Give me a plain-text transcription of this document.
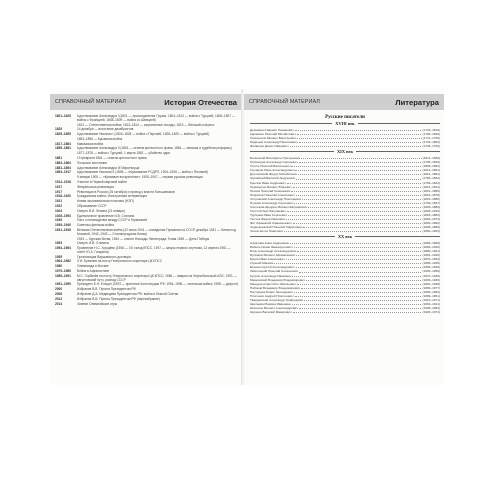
СПРАВОЧНЫЙ МАТЕРИАЛ	История Отечества
1801–1825	Царствование Александра I (1801 — присоединение Грузии, 1804–1813 — война с Турцией, 1805–1807 — войны с Францией, 1808–1809 — война со Швецией)
1812 — Отечественная война; 1813–1814 — заграничные походы; 1815 — Венский конгресс
1825	14 декабря — восстание декабристов
1825–1855	Царствование Николая I (1826–1828 — война с Персией, 1828–1829 — война с Турцией)
1853–1856 — Крымская война
1817–1864	Кавказская война
1855–1881	Царствование Александра II (1861 — отмена крепостного права, 1864 — земская и судебная реформы)
1877–1878 — война с Турцией, 1 марта 1881 — убийство царя
1861	19 февраля 1861 — отмена крепостного права
1863–1864	Польское восстание
1881–1894	Царствование Александра III Миротворца
1894–1917	Царствование Николая II (1898 — образование РСДРП, 1904–1905 — война с Японией)
9 января 1905 — «Кровавое воскресенье»; 1905–1907 — первая русская революция
1914–1918	Участие в Первой мировой войне
1917	Февральская революция
1917	Революция в России (25 октября) и приход к власти большевиков
1918–1920	Гражданская война. Иностранная интервенция
1921	Новая экономическая политика (НЭП)
1922	Образование СССР
1924	Смерть В.И. Ленина (21 января)
1928–1953	Единоличное правление И.В. Сталина
1939	Пакт о ненападении между СССР и Германией
1939–1940	Советско-финская война
1941–1945	Великая Отечественная война (22 июня 1941 — нападение Германии на СССР, декабрь 1941 — битва под Москвой, 1942–1943 — Сталинградская битва)
1943 — Курская битва; 1944 — снятие блокады Ленинграда; 9 мая 1945 — День Победы
1953	Смерть И.В. Сталина
1954–1964	Правление Н.С. Хрущёва (1956 — XX съезд КПСС, 1957 — запуск первого спутника, 12 апреля 1961 — полёт Ю.А. Гагарина)
1955	Организация Варшавского договора
1964–1982	Л.И. Брежнев на посту Генерального секретаря ЦК КПСС
1980	Олимпиада в Москве
1979–1989	Война в Афганистане
1985–1991	М.С. Горбачёв на посту Генерального секретаря ЦК КПСС; 1986 — авария на Чернобыльской АЭС; 1991 — августовский путч, распад СССР
1991–1999	Президент Б.Н. Ельцин (1993 — принятие Конституции РФ; 1994–1996 — чеченская война; 1998 — дефолт)
2000	Избрание В.В. Путина Президентом РФ
2008	Избрание Д.А. Медведева Президентом РФ; война в Южной Осетии
2012	Избрание В.В. Путина Президентом РФ (переизбрание)
2014	Зимние Олимпийские игры
СПРАВОЧНЫЙ МАТЕРИАЛ	Литература
Русские писатели
XVIII век
Державин Гавриил Романович	(1743–1816)
Карамзин Николай Михайлович	(1766–1826)
Ломоносов Михаил Васильевич	(1711–1765)
Радищев Александр Николаевич	(1749–1802)
Фонвизин Денис Иванович	(1745–1792)
XIX век
Белинский Виссарион Григорьевич	(1811–1848)
Грибоедов Александр Сергеевич	(1795–1829)
Гоголь Николай Васильевич	(1809–1852)
Гончаров Иван Александрович	(1812–1891)
Достоевский Фёдор Михайлович	(1821–1881)
Жуковский Василий Андреевич	(1783–1852)
Крылов Иван Андреевич	(1769–1844)
Лермонтов Михаил Юрьевич	(1814–1841)
Лесков Николай Семёнович	(1831–1895)
Некрасов Николай Алексеевич	(1821–1878)
Островский Александр Николаевич	(1823–1886)
Пушкин Александр Сергеевич	(1799–1837)
Салтыков-Щедрин Михаил Евграфович	(1826–1889)
Толстой Лев Николаевич	(1828–1910)
Тургенев Иван Сергеевич	(1818–1883)
Тютчев Фёдор Иванович	(1803–1873)
Фет Афанасий Афанасьевич	(1820–1892)
Чернышевский Николай Гаврилович	(1828–1889)
Чехов Антон Павлович	(1860–1904)
XX век
Ахматова Анна Андреевна	(1889–1966)
Бабель Исаак Эммануилович	(1894–1940)
Блок Александр Александрович	(1880–1921)
Булгаков Михаил Афанасьевич	(1891–1940)
Бунин Иван Алексеевич	(1870–1953)
Горький Максим	(1868–1936)
Есенин Сергей Александрович	(1895–1925)
Заболоцкий Николай Алексеевич	(1903–1958)
Куприн Александр Иванович	(1870–1938)
Маяковский Владимир Владимирович	(1893–1930)
Мандельштам Осип Эмильевич	(1891–1938)
Набоков Владимир Владимирович	(1899–1977)
Пастернак Борис Леонидович	(1890–1960)
Платонов Андрей Платонович	(1899–1951)
Твардовский Александр Трифонович	(1910–1971)
Цветаева Марина Ивановна	(1892–1941)
Шолохов Михаил Александрович	(1905–1984)
Шукшин Василий Макарович	(1929–1974)
